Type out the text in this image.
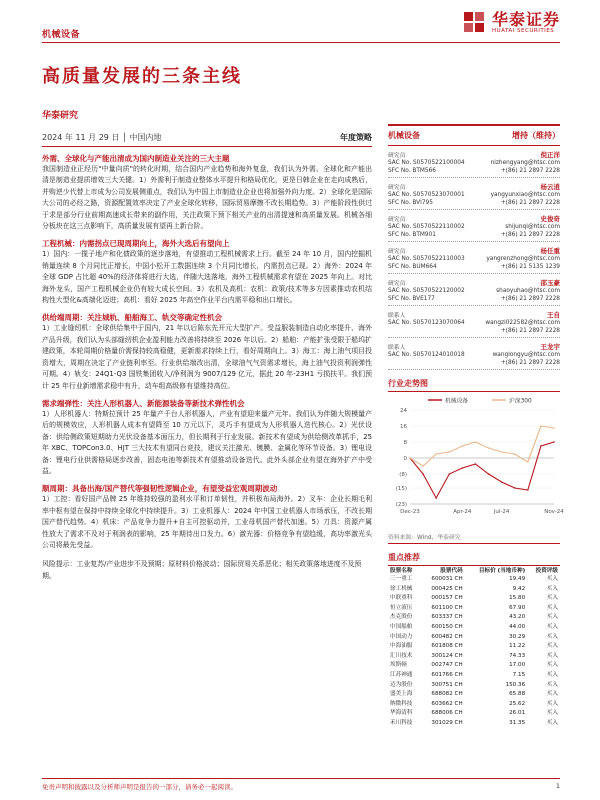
机械设备
华泰证券
HUATAI SECURITIES
高质量发展的三条主线
华泰研究
2024 年 11 月 29 日 │ 中国内地	年度策略
外需、全球化与产能出清成为国内制造业关注的三大主题
我国制造业正经历"中量向质"的转化时期，结合国内产业趋势和海外复盘，我们认为外需、全球化和产能出清是制造业提质增效三大关键。1）外需利于制造业整体水平提升和格局优化，更是日韩企业在走向成熟后，并购逆少代替上市成为公司发展侧重点，我们认为中国上市制造业企业也将加强外向力度。2）全球化是国际大公司的必经之路，资源配置效率决定了产业全球化转移，国际贸易摩擦不改长期趋势。3）产能阶段性供过于求是部分行业前期高速成长带来的副作用，关注政策下预下相关产业的出清提速和高质量发展。机械各细分板块在这三点影响下，高质量发展有望再上新台阶。
工程机械：内需拐点已现周期向上，海外大选后有望向上
1）国内：一揽子地产和化债政策的逐步落地，有望推动工程机械需求上行。截至 24 年 10 月，国内挖掘机销量连续 8 个月同比正增长，中国小松开工数据连续 3 个月同比增长，内需拐点已现。2）海外：2024 年全球 GDP 占比超 40%的经济体将进行大选，伴随大选落地，海外工程机械需求有望在 2025 年向上。对比海外龙头，国产工程机械企业仍有较大成长空间。3）农机及高机：农机：政策/技术等多方因素推动农机结构性大型化&高端化迈进；高机：看好 2025 年高空作业平台内需平稳和出口增长。
供给端周期：关注城轨、船舶海工、轨交等确定性机会
1）工业缝纫机：全球供给集中于国内，21 年以后陈东先开元大型扩产。受益服装制造自动化率提升、海外产品升级，我们认为头部缝纫机企业盈利能力改善将持续至 2026 年以后。2）船舶：产能扩张受限于船坞扩建政策，本轮周期价格量价需保持较高稳健，更新需求持续上行，看好周期向上。3）海工：海上油气项目投资增大，周期在决定了产业链利率至。行业供给端改出清，全球油气气资需求增长，海上油气投资利润弹性可期。4）轨交：24Q1-Q3 国铁集团收入/净利润为 9007/129 亿元，据此 20 年-23H1 亏损扶平。我们预计 25 年行业新增需求稳中有升，动车组高级修有望维持高位。
需求端弹性：关注人形机器人、新能源装备等新技术弹性机会
1）人形机器人：特斯拉预计 25 年量产千台人形机器人，产业有望迎来量产元年。我们认为伴随大规模量产后的规模效应，人形机器人成本有望降至 10 万元以下，灵巧手有望成为人形机器人迭代核心。2）光伏设备：供给侧政策短期助力光伏设备基本面压力，但长期利于行业发展。新技术有望成为供给侧改革抓手，25 年 XBC、TOPCon3.0、HJT 三大技术有望同台竞技，建议关注激光、镀膜、金属化等环节设备。3）锂电设备：锂电行业供需格局逐步改善，固态电池等新技术有望推动设备迭代。此外头部企业有望在海外扩产中受益。
顺周期：具备出海/国产替代等强韧性逻辑企业，有望受益宏观周期波动
1）工控：看好国产品牌 25 年维持较强的盈利水平和订单韧性，并积极布局海外。2）叉车：企业长期毛利率中枢有望在保持中持续全球化中持续提升。3）工业机器人：2024 年中国工业机器人市场承压，不改长期国产替代趋势。4）机床：产品竞争力提升+自主可控驱动并，工业母机国产替代加速。5）刀具：资源产属性放大了需求不及对于利润表的影响，25 年期待出口发力。6）激光器：价格竞争有望趋缓，高功率激光头公司将最先受益。
风险提示：工业复苏/产业进步不及预期；原材料价格波动；国际贸易关系恶化；相关政策落地进度不及预期。
机械设备	增持（维持）
研究员	倪正洋
SAC No. S0570522100004	nizhengyang@htsc.com
SFC No. BTM566	+(86) 21 2897 2228
研究员	杨云逍
SAC No. S0570523070001	yangyunxiao@htsc.com
SFC No. BVI795	+(86) 21 2897 2228
研究员	史俊奇
SAC No. S0570522110002	shijunqi@htsc.com
SFC No. BTM901	+(86) 21 2897 2228
研究员	杨任重
SAC No. S0570522110003	yangrenzhong@htsc.com
SFC No. BUM664	+(86) 21 5135 1239
研究员	邵玉豪
SAC No. S0570522120002	shaoyuhao@htsc.com
SFC No. BVE177	+(86) 21 2897 2228
联系人	王自
SAC No. S0570123070064	wangzi022582@htsc.com
+(86) 21 2897 2228
联系人	王龙宇
SAC No. S0570124010018	wanglongyu@htsc.com
+(86) 21 2897 2228
行业走势图
机械设备	沪深300
24
16
8
0
(8)
(15)
(23)
Dec-23	Apr-24	Jul-24	Nov-24
资料来源：Wind，华泰研究
重点推荐
股票名称	股票代码	目标价 (当地币种)	投资评级
三一重工	600031 CH	19.49	买入
徐工机械	000425 CH	9.42	买入
中联重科	000157 CH	15.80	买入
恒立液压	601100 CH	67.90	买入
杰克股份	603337 CH	43.20	买入
中国船舶	600150 CH	44.00	买入
中国动力	600482 CH	30.29	买入
中海油服	601808 CH	11.22	买入
汇川技术	300124 CH	74.33	买入
埃斯顿	002747 CH	17.00	买入
江苏神通	601766 CH	7.15	买入
迈为股份	300751 CH	150.36	买入
盛美上海	688082 CH	65.88	买入
纳微科技	603662 CH	25.62	买入
华海清科	688006 CH	26.01	买入
禾川科技	301029 CH	31.35	买入
免责声明和披露以及分析师声明是报告的一部分，请务必一起阅读。	1
